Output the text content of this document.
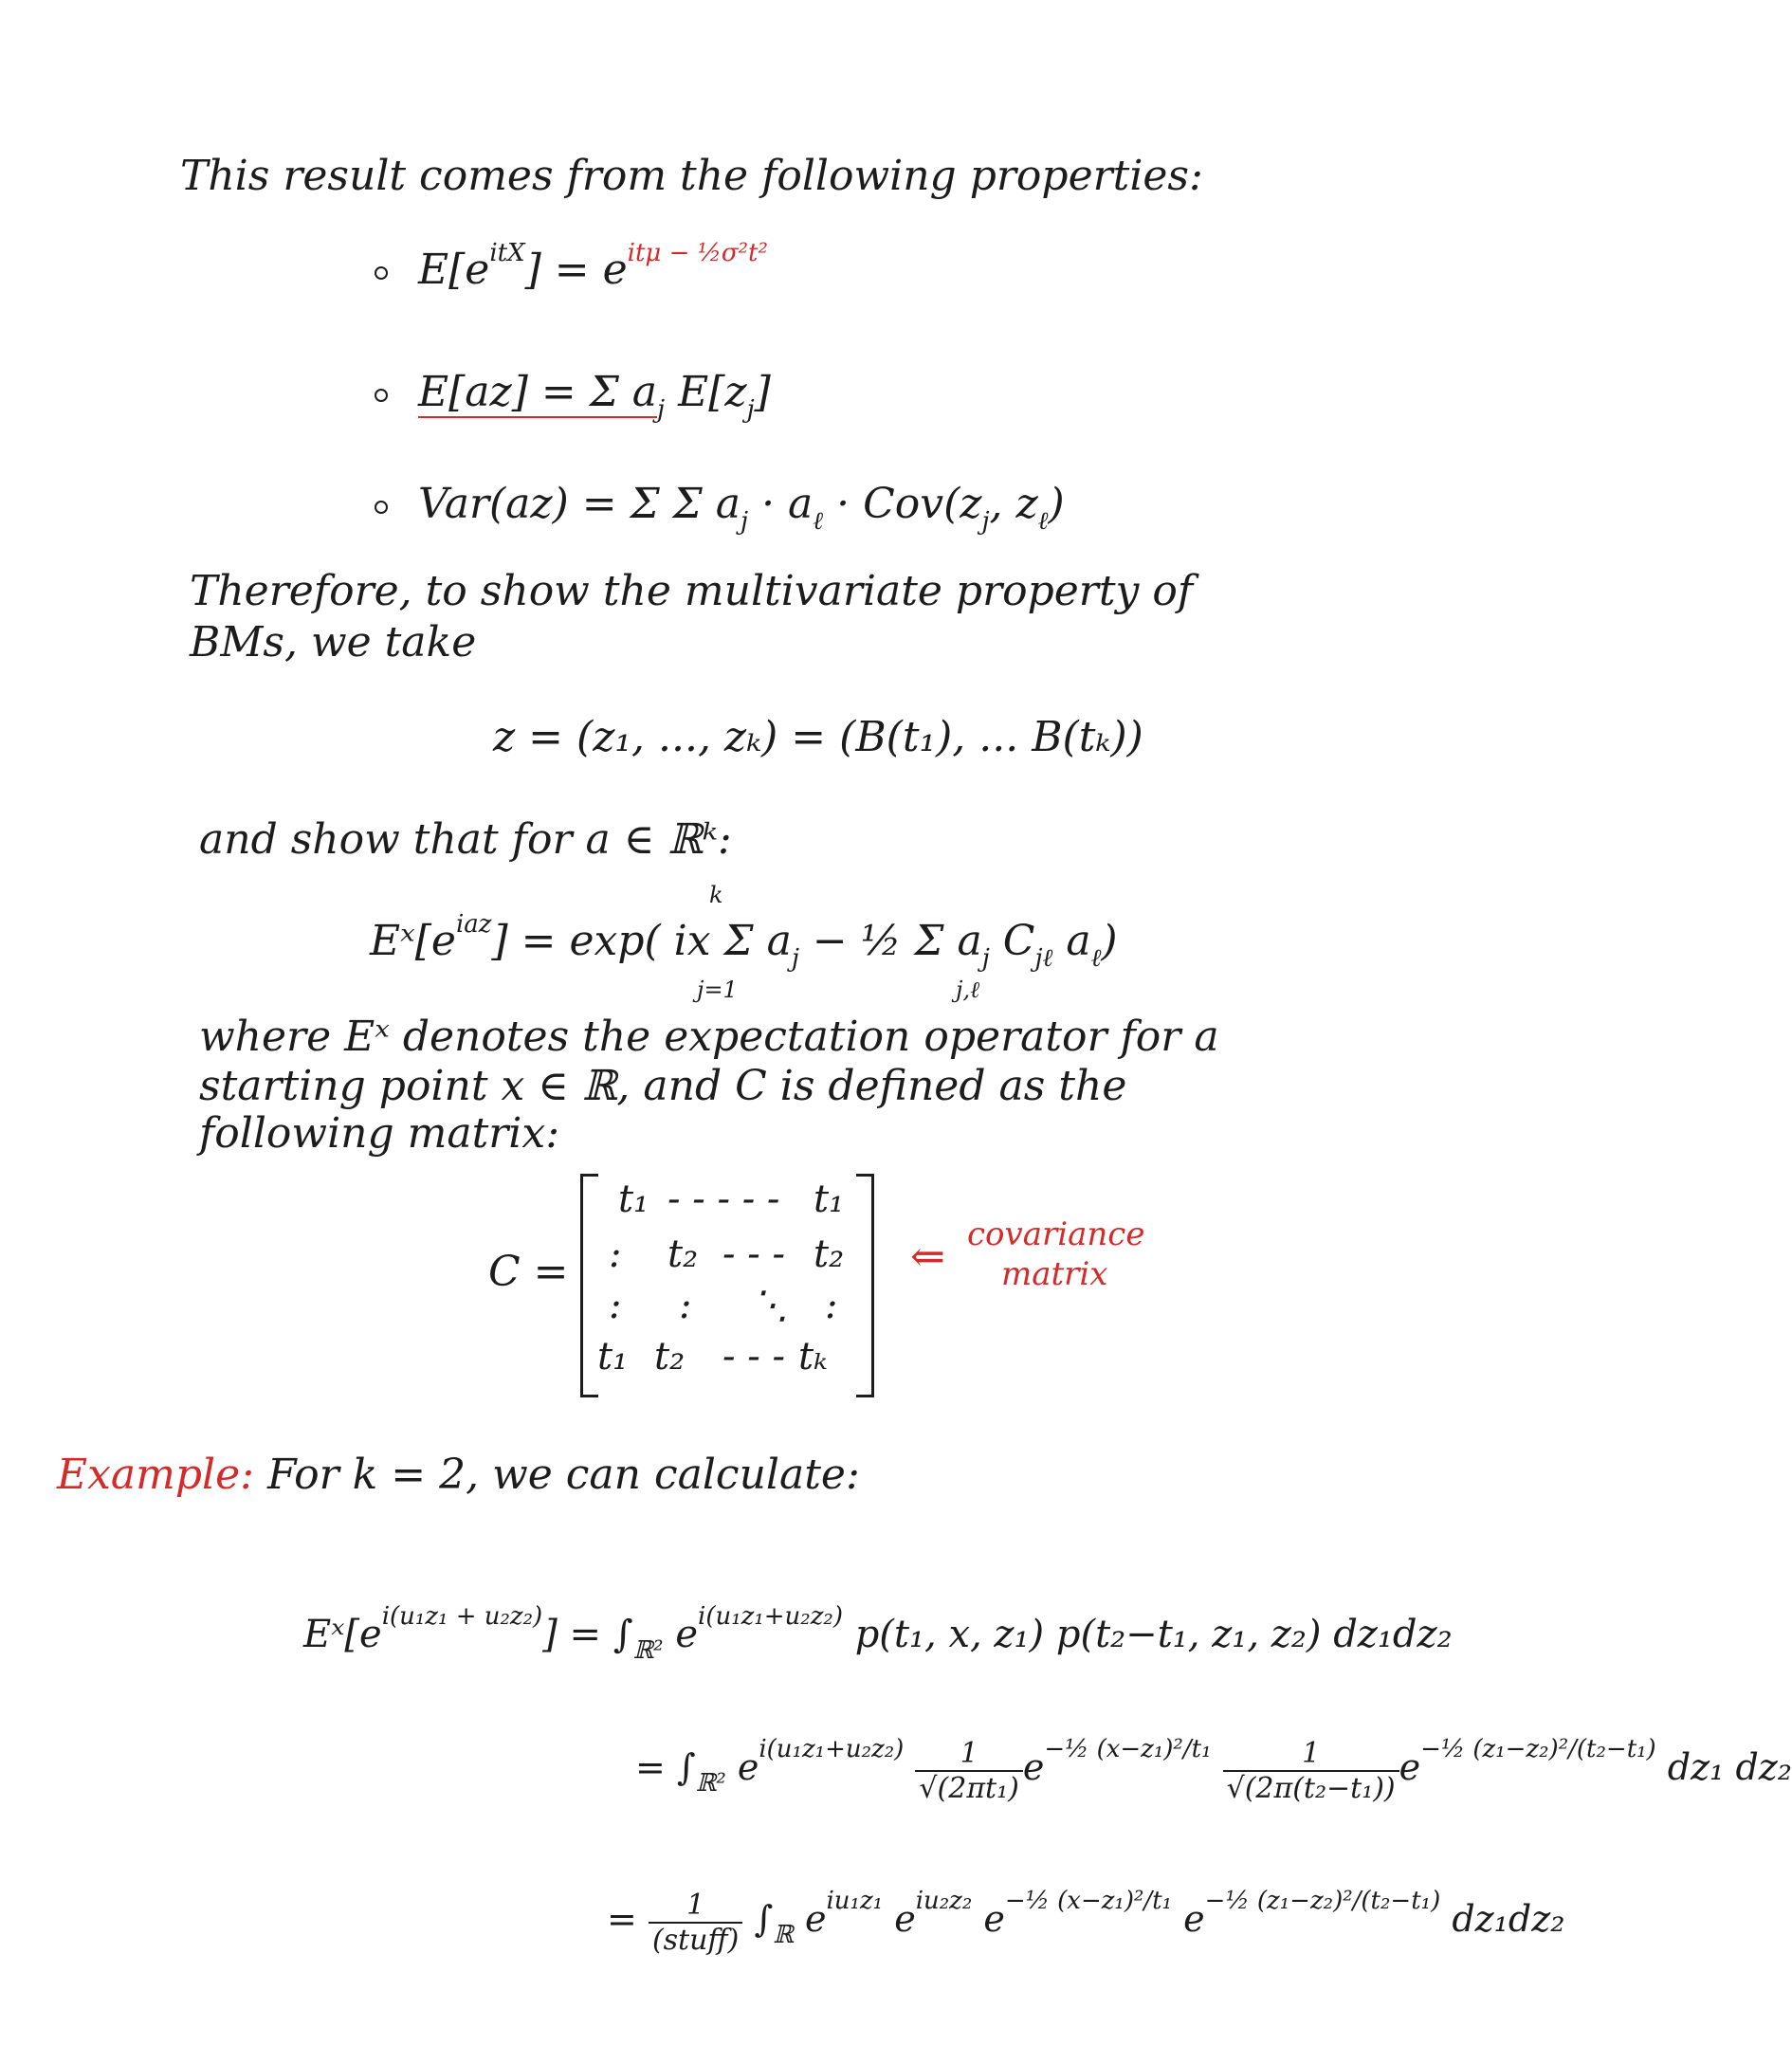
This result comes from the following properties:
$E[e^{itX}] = e^{it\mu - \frac{1}{2}\sigma^2t^2}$
E[az] = Σ $a_j$ $E[z_j]$
Var(az) = Σ Σ $a_j \cdot a_\ell \cdot Cov(z_j$, $z_\ell$)
Therefore, to show the multivariate property of
BMs, we take
z = (z₁, ..., zₖ) = (B(t₁), ... B(tₖ))
and show that for a ∈ ℝᵏ:
$Eˣ[e^{iaz}] = \exp$( ix Σ $a_j$ − ½ Σ $a_j$ $C_{j\ell}$ $a_\ell$)
k
j=1	j,ℓ
where Eˣ denotes the expectation operator for a
starting point x ∈ ℝ, and C is defined as the
following matrix:
C =
t₁ - - - - - t₁
: t₂ - - - t₂
: : ⋱ :
t₁ t₂ - - - tₖ
⇐ covariance
matrix
Example: For k = 2, we can calculate:
$Eˣ[e^{i(u_1z_1 + u_2z_2)}] = \int_{ℝ^2}$ $e^{i(u_1z_1+u_2z_2)}$ p(t₁, x, z₁) p(t₂−t₁, z₁, z₂) dz₁dz₂
= $\int_{ℝ^2}$ $e^{i(u_1z_1+u_2z_2)} \frac{1}{\text{√(2πt₁)}} e^{-\frac{1}{2} (x-z_1)^2/t_1} \frac{1}{\text{√(2π(t₂−t₁))}} e^{-\frac{1}{2} (z_1-z_2)^2/(t_2-t_1)}$ dz₁ dz₂
= $\frac{1}{\text{(stuff)}} \int_ℝ$ $e^{iu_1z_1}$ $e^{iu_2z_2}$ $e^{-\frac{1}{2} (x-z_1)^2/t_1}$ $e^{-\frac{1}{2} (z_1-z_2)^2/(t_2-t_1)}$ dz₁dz₂
